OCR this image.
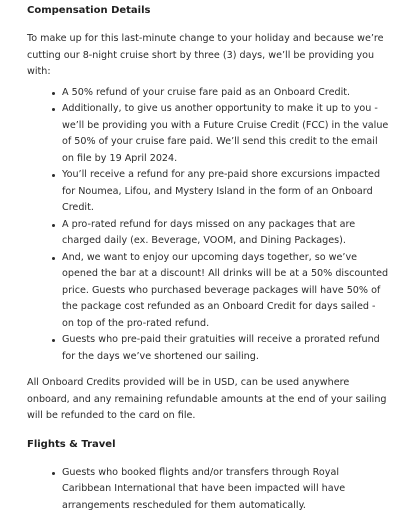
Compensation Details

To make up for this last-minute change to your holiday and because we’re cutting our 8-night cruise short by three (3) days, we’ll be providing you with:

A 50% refund of your cruise fare paid as an Onboard Credit.
Additionally, to give us another opportunity to make it up to you - we’ll be providing you with a Future Cruise Credit (FCC) in the value of 50% of your cruise fare paid. We’ll send this credit to the email on file by 19 April 2024.
You’ll receive a refund for any pre-paid shore excursions impacted for Noumea, Lifou, and Mystery Island in the form of an Onboard Credit.
A pro-rated refund for days missed on any packages that are charged daily (ex. Beverage, VOOM, and Dining Packages).
And, we want to enjoy our upcoming days together, so we’ve opened the bar at a discount! All drinks will be at a 50% discounted price. Guests who purchased beverage packages will have 50% of the package cost refunded as an Onboard Credit for days sailed - on top of the pro-rated refund.
Guests who pre-paid their gratuities will receive a prorated refund for the days we’ve shortened our sailing.

All Onboard Credits provided will be in USD, can be used anywhere onboard, and any remaining refundable amounts at the end of your sailing will be refunded to the card on file.

Flights & Travel
Guests who booked flights and/or transfers through Royal Caribbean International that have been impacted will have arrangements rescheduled for them automatically.
